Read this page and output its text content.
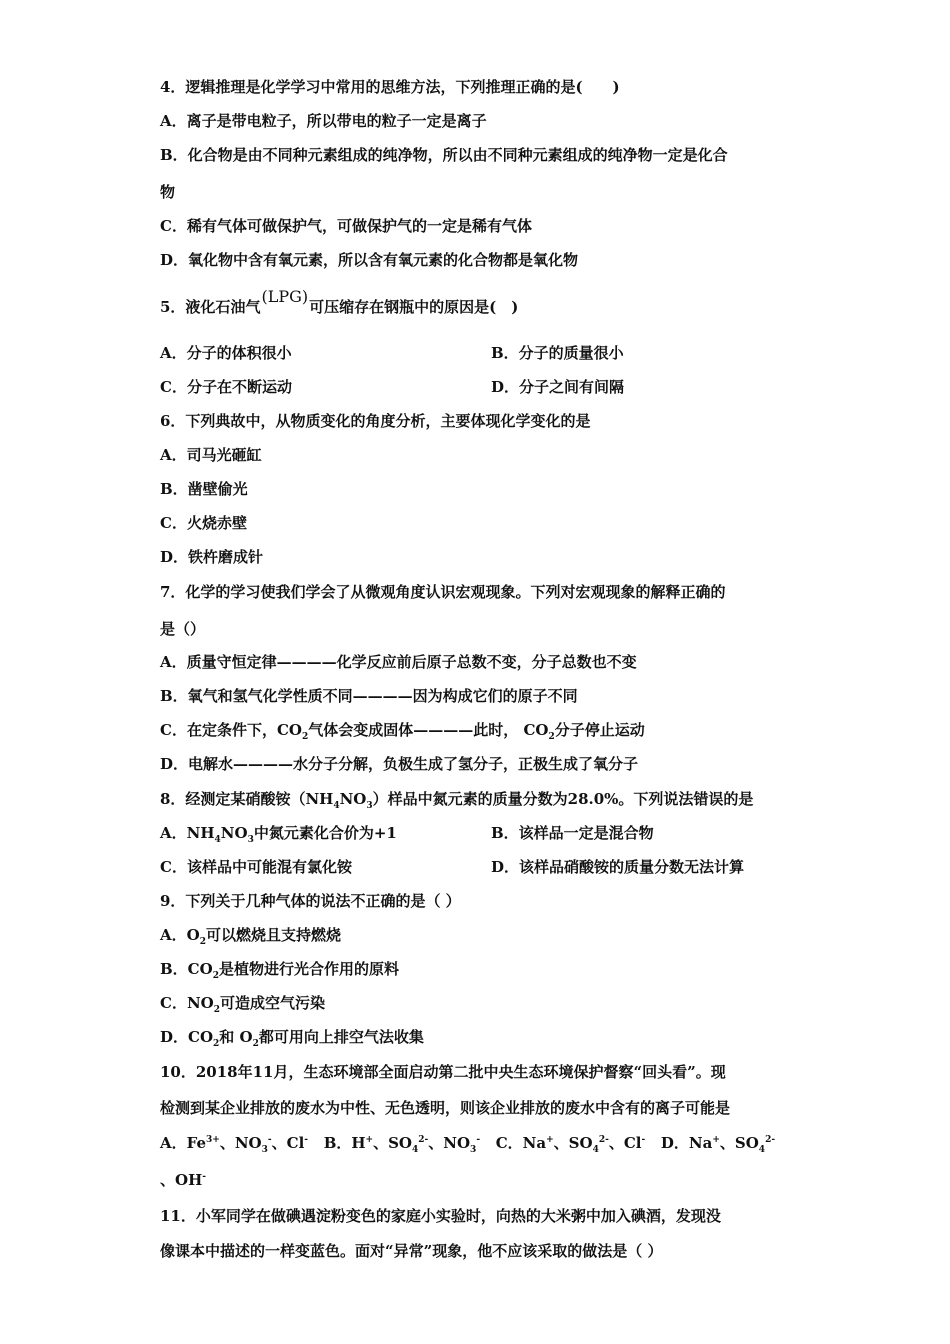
4．逻辑推理是化学学习中常用的思维方法，下列推理正确的是(　　)
A．离子是带电粒子，所以带电的粒子一定是离子
B．化合物是由不同种元素组成的纯净物，所以由不同种元素组成的纯净物一定是化合
物
C．稀有气体可做保护气，可做保护气的一定是稀有气体
D．氧化物中含有氧元素，所以含有氧元素的化合物都是氧化物
5．液化石油气(LPG)可压缩存在钢瓶中的原因是(　)
A．分子的体积很小	B．分子的质量很小
C．分子在不断运动	D．分子之间有间隔
6．下列典故中，从物质变化的角度分析，主要体现化学变化的是
A．司马光砸缸
B．凿壁偷光
C．火烧赤壁
D．铁杵磨成针
7．化学的学习使我们学会了从微观角度认识宏观现象。下列对宏观现象的解释正确的
是（）
A．质量守恒定律————化学反应前后原子总数不变，分子总数也不变
B．氧气和氢气化学性质不同————因为构成它们的原子不同
C．在定条件下，$CO_2$气体会变成固体————此时， $CO_2$分子停止运动
D．电解水————水分子分解，负极生成了氢分子，正极生成了氧分子
8．经测定某硝酸铵$(NH_4NO_3)$样品中氮元素的质量分数为28.0%。下列说法错误的是
A．$NH_4NO_3$中氮元素化合价为+1	B．该样品一定是混合物
C．该样品中可能混有氯化铵	D．该样品硝酸铵的质量分数无法计算
9．下列关于几种气体的说法不正确的是（ ）
A．$O_2$可以燃烧且支持燃烧
B．$CO_2$是植物进行光合作用的原料
C．$NO_2$可造成空气污染
D．$CO_2$和 $O_2$都可用向上排空气法收集
10．2018年11月，生态环境部全面启动第二批中央生态环境保护督察“回头看”。现
检测到某企业排放的废水为中性、无色透明，则该企业排放的废水中含有的离子可能是
A．$Fe^{3+}$、$NO_3^-$、Cl- B．H+、$SO_4^{2-}$、$NO_3^-$ C．Na+、$SO_4^{2-}$、Cl- D．Na+、$SO_4^{2-}$
、OH-
11．小军同学在做碘遇淀粉变色的家庭小实验时，向热的大米粥中加入碘酒，发现没
像课本中描述的一样变蓝色。面对“异常”现象，他不应该采取的做法是（ ）
